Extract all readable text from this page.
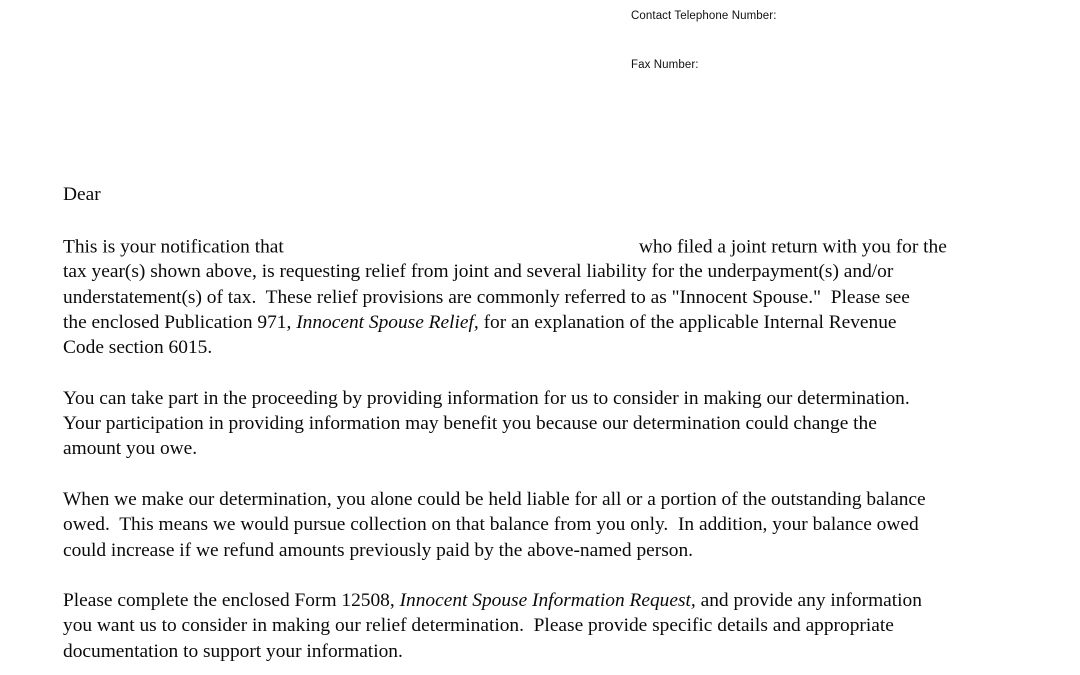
Contact Telephone Number:
Fax Number:

Dear

This is your notification that	who filed a joint return with you for the
tax year(s) shown above, is requesting relief from joint and several liability for the underpayment(s) and/or
understatement(s) of tax.  These relief provisions are commonly referred to as "Innocent Spouse."  Please see
the enclosed Publication 971, Innocent Spouse Relief, for an explanation of the applicable Internal Revenue
Code section 6015.

You can take part in the proceeding by providing information for us to consider in making our determination.
Your participation in providing information may benefit you because our determination could change the
amount you owe.

When we make our determination, you alone could be held liable for all or a portion of the outstanding balance
owed.  This means we would pursue collection on that balance from you only.  In addition, your balance owed
could increase if we refund amounts previously paid by the above-named person.

Please complete the enclosed Form 12508, Innocent Spouse Information Request, and provide any information
you want us to consider in making our relief determination.  Please provide specific details and appropriate
documentation to support your information.
